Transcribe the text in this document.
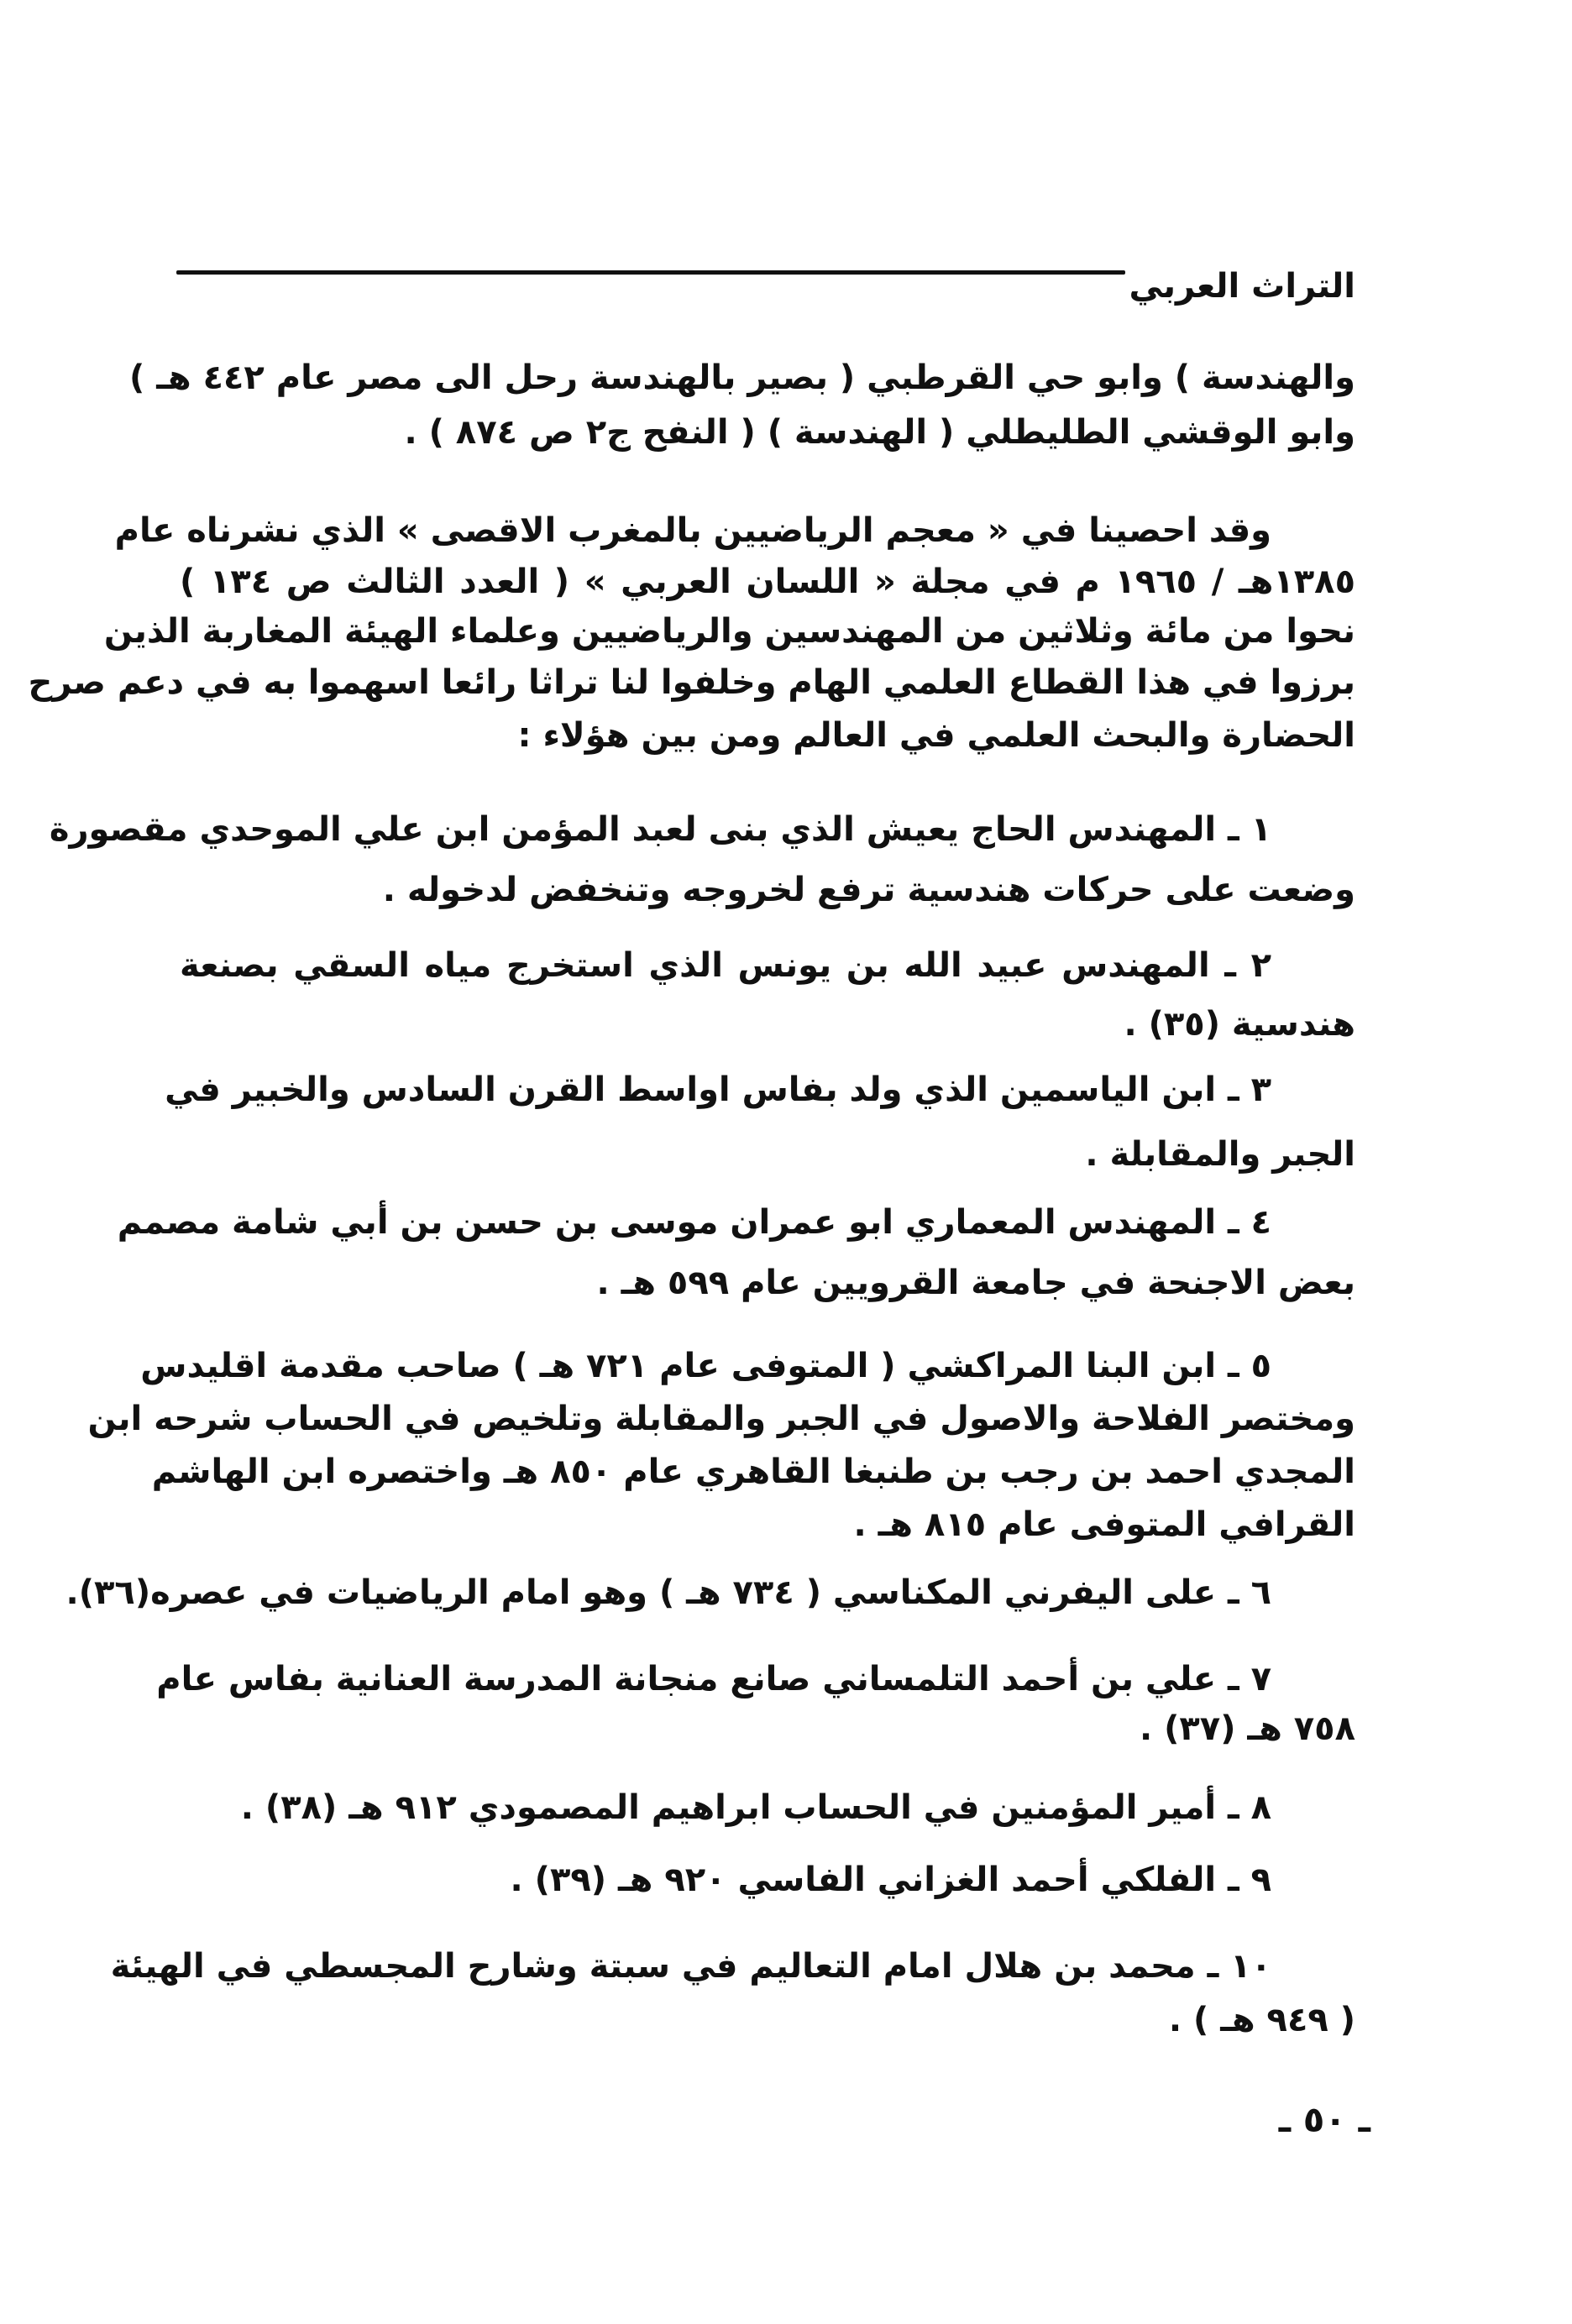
التراث العربي
والهندسة ) وابو حي القرطبي ( بصير بالهندسة رحل الى مصر عام ٤٤٢ هـ )
وابو الوقشي الطليطلي ( الهندسة ) ( النفح ج٢ ص ٨٧٤ ) .
وقد احصينا في « معجم الرياضيين بالمغرب الاقصى » الذي نشرناه عام
١٣٨٥هـ / ١٩٦٥ م في مجلة « اللسان العربي » ( العدد الثالث ص ١٣٤ )
نحوا من مائة وثلاثين من المهندسين والرياضيين وعلماء الهيئة المغاربة الذين
برزوا في هذا القطاع العلمي الهام وخلفوا لنا تراثا رائعا اسهموا به في دعم صرح
الحضارة والبحث العلمي في العالم ومن بين هؤلاء :
١ ـ المهندس الحاج يعيش الذي بنى لعبد المؤمن ابن علي الموحدي مقصورة
وضعت على حركات هندسية ترفع لخروجه وتنخفض لدخوله .
٢ ـ المهندس عبيد الله بن يونس الذي استخرج مياه السقي بصنعة
هندسية (٣٥) .
٣ ـ ابن الياسمين الذي ولد بفاس اواسط القرن السادس والخبير في
الجبر والمقابلة .
٤ ـ المهندس المعماري ابو عمران موسى بن حسن بن أبي شامة مصمم
بعض الاجنحة في جامعة القرويين عام ٥٩٩ هـ .
٥ ـ ابن البنا المراكشي ( المتوفى عام ٧٢١ هـ ) صاحب مقدمة اقليدس
ومختصر الفلاحة والاصول في الجبر والمقابلة وتلخيص في الحساب شرحه ابن
المجدي احمد بن رجب بن طنبغا القاهري عام ٨٥٠ هـ واختصره ابن الهاشم
القرافي المتوفى عام ٨١٥ هـ .
٦ ـ على اليفرني المكناسي ( ٧٣٤ هـ ) وهو امام الرياضيات في عصره(٣٦).
٧ ـ علي بن أحمد التلمساني صانع منجانة المدرسة العنانية بفاس عام
٧٥٨ هـ (٣٧) .
٨ ـ أمير المؤمنين في الحساب ابراهيم المصمودي ٩١٢ هـ (٣٨) .
٩ ـ الفلكي أحمد الغزاني الفاسي ٩٢٠ هـ (٣٩) .
١٠ ـ محمد بن هلال امام التعاليم في سبتة وشارح المجسطي في الهيئة
( ٩٤٩ هـ ) .
ـ ٥٠ ـ
